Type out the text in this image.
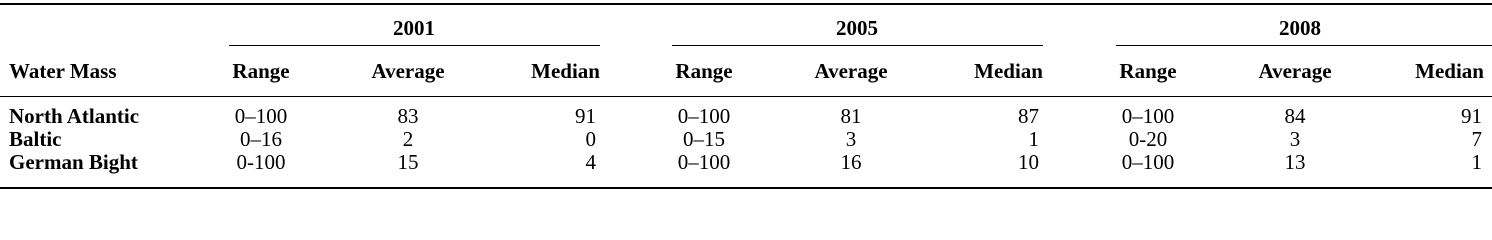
2001	2005	2008
Water Mass	Range	Average	Median	Range	Average	Median	Range	Average	Median
North Atlantic	0–100	83	91	0–100	81	87	0–100	84	91
Baltic	0–16	2	0	0–15	3	1	0-20	3	7
German Bight	0-100	15	4	0–100	16	10	0–100	13	1
